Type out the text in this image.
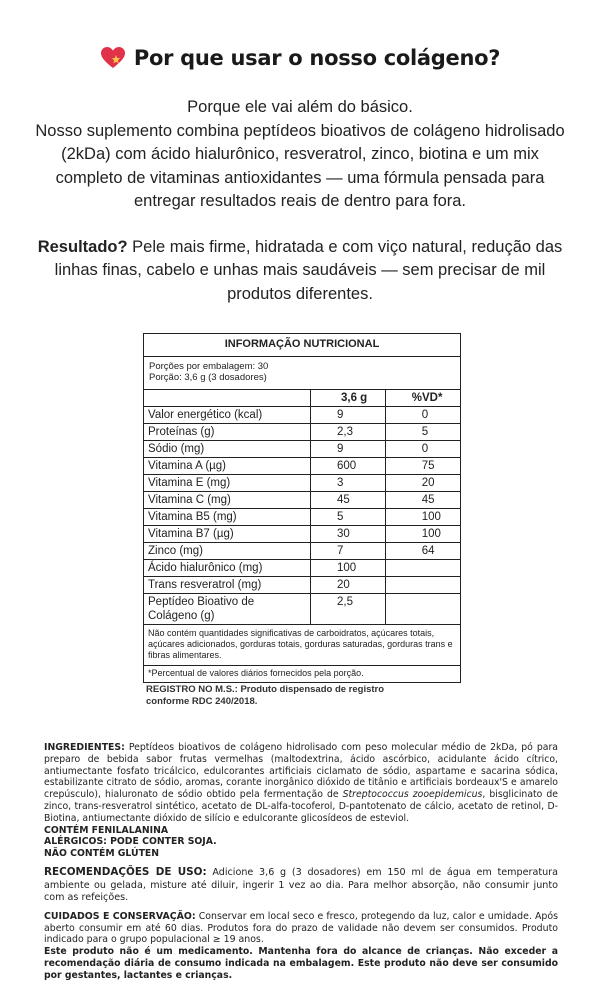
Por que usar o nosso colágeno?

Porque ele vai além do básico.

Nosso suplemento combina peptídeos bioativos de colágeno hidrolisado (2kDa) com ácido hialurônico, resveratrol, zinco, biotina e um mix completo de vitaminas antioxidantes — uma fórmula pensada para entregar resultados reais de dentro para fora.

Resultado? Pele mais firme, hidratada e com viço natural, redução das linhas finas, cabelo e unhas mais saudáveis — sem precisar de mil produtos diferentes.

INFORMAÇÃO NUTRICIONAL
Porções por embalagem: 30
Porção: 3,6 g (3 dosadores)
	3,6 g	%VD*
Valor energético (kcal)	9	0
Proteínas (g)	2,3	5
Sódio (mg)	9	0
Vitamina A (µg)	600	75
Vitamina E (mg)	3	20
Vitamina C (mg)	45	45
Vitamina B5 (mg)	5	100
Vitamina B7 (µg)	30	100
Zinco (mg)	7	64
Ácido hialurônico (mg)	100	
Trans resveratrol (mg)	20	
Peptídeo Bioativo de Colágeno (g)	2,5	
Não contém quantidades significativas de carboidratos, açúcares totais, açúcares adicionados, gorduras totais, gorduras saturadas, gorduras trans e fibras alimentares.
*Percentual de valores diários fornecidos pela porção.
REGISTRO NO M.S.: Produto dispensado de registro
conforme RDC 240/2018.

INGREDIENTES: Peptídeos bioativos de colágeno hidrolisado com peso molecular médio de 2kDa, pó para preparo de bebida sabor frutas vermelhas (maltodextrina, ácido ascórbico, acidulante ácido cítrico, antiumectante fosfato tricálcico, edulcorantes artificiais ciclamato de sódio, aspartame e sacarina sódica, estabilizante citrato de sódio, aromas, corante inorgânico dióxido de titânio e artificiais bordeaux'S e amarelo crepúsculo), hialuronato de sódio obtido pela fermentação de Streptococcus zooepidemicus, bisglicinato de zinco, trans-resveratrol sintético, acetato de DL-alfa-tocoferol, D-pantotenato de cálcio, acetato de retinol, D-Biotina, antiumectante dióxido de silício e edulcorante glicosídeos de esteviol.

CONTÉM FENILALANINA

ALÉRGICOS: PODE CONTER SOJA.

NÃO CONTÉM GLÚTEN

RECOMENDAÇÕES DE USO: Adicione 3,6 g (3 dosadores) em 150 ml de água em temperatura ambiente ou gelada, misture até diluir, ingerir 1 vez ao dia. Para melhor absorção, não consumir junto com as refeições.

CUIDADOS E CONSERVAÇÃO: Conservar em local seco e fresco, protegendo da luz, calor e umidade. Após aberto consumir em até 60 dias. Produtos fora do prazo de validade não devem ser consumidos. Produto indicado para o grupo populacional ≥ 19 anos.

Este produto não é um medicamento. Mantenha fora do alcance de crianças. Não exceder a recomendação diária de consumo indicada na embalagem. Este produto não deve ser consumido por gestantes, lactantes e crianças.
